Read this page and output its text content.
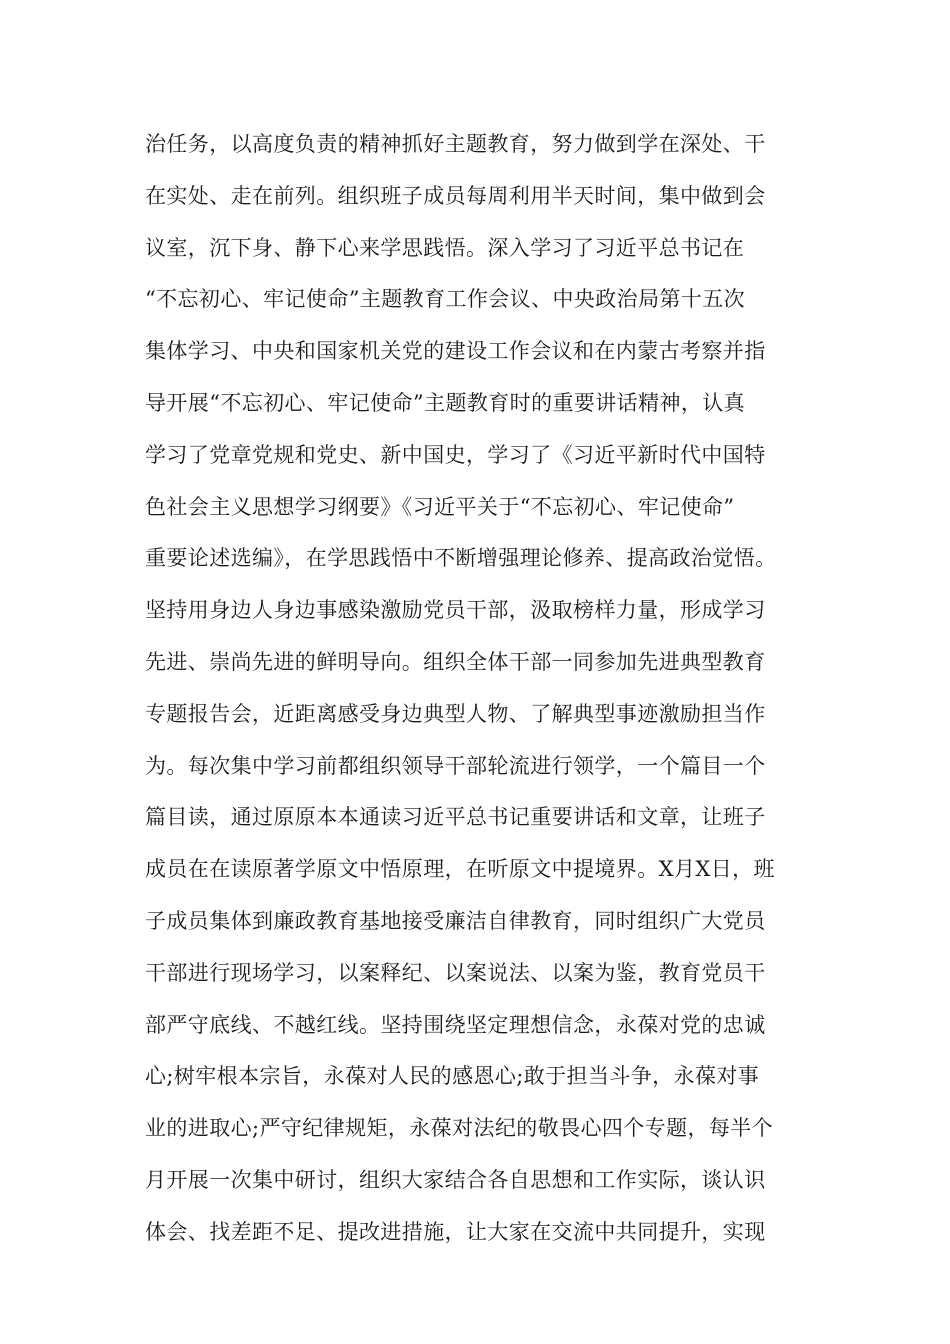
治任务，以高度负责的精神抓好主题教育，努力做到学在深处、干
在实处、走在前列。组织班子成员每周利用半天时间，集中做到会
议室，沉下身、静下心来学思践悟。深入学习了习近平总书记在
“不忘初心、牢记使命”主题教育工作会议、中央政治局第十五次
集体学习、中央和国家机关党的建设工作会议和在内蒙古考察并指
导开展“不忘初心、牢记使命”主题教育时的重要讲话精神，认真
学习了党章党规和党史、新中国史，学习了《习近平新时代中国特
色社会主义思想学习纲要》《习近平关于“不忘初心、牢记使命”
重要论述选编》，在学思践悟中不断增强理论修养、提高政治觉悟。
坚持用身边人身边事感染激励党员干部，汲取榜样力量，形成学习
先进、崇尚先进的鲜明导向。组织全体干部一同参加先进典型教育
专题报告会，近距离感受身边典型人物、了解典型事迹激励担当作
为。每次集中学习前都组织领导干部轮流进行领学，一个篇目一个
篇目读，通过原原本本通读习近平总书记重要讲话和文章，让班子
成员在在读原著学原文中悟原理，在听原文中提境界。X月X日，班
子成员集体到廉政教育基地接受廉洁自律教育，同时组织广大党员
干部进行现场学习，以案释纪、以案说法、以案为鉴，教育党员干
部严守底线、不越红线。坚持围绕坚定理想信念，永葆对党的忠诚
心;树牢根本宗旨，永葆对人民的感恩心;敢于担当斗争，永葆对事
业的进取心;严守纪律规矩，永葆对法纪的敬畏心四个专题，每半个
月开展一次集中研讨，组织大家结合各自思想和工作实际，谈认识
体会、找差距不足、提改进措施，让大家在交流中共同提升，实现
